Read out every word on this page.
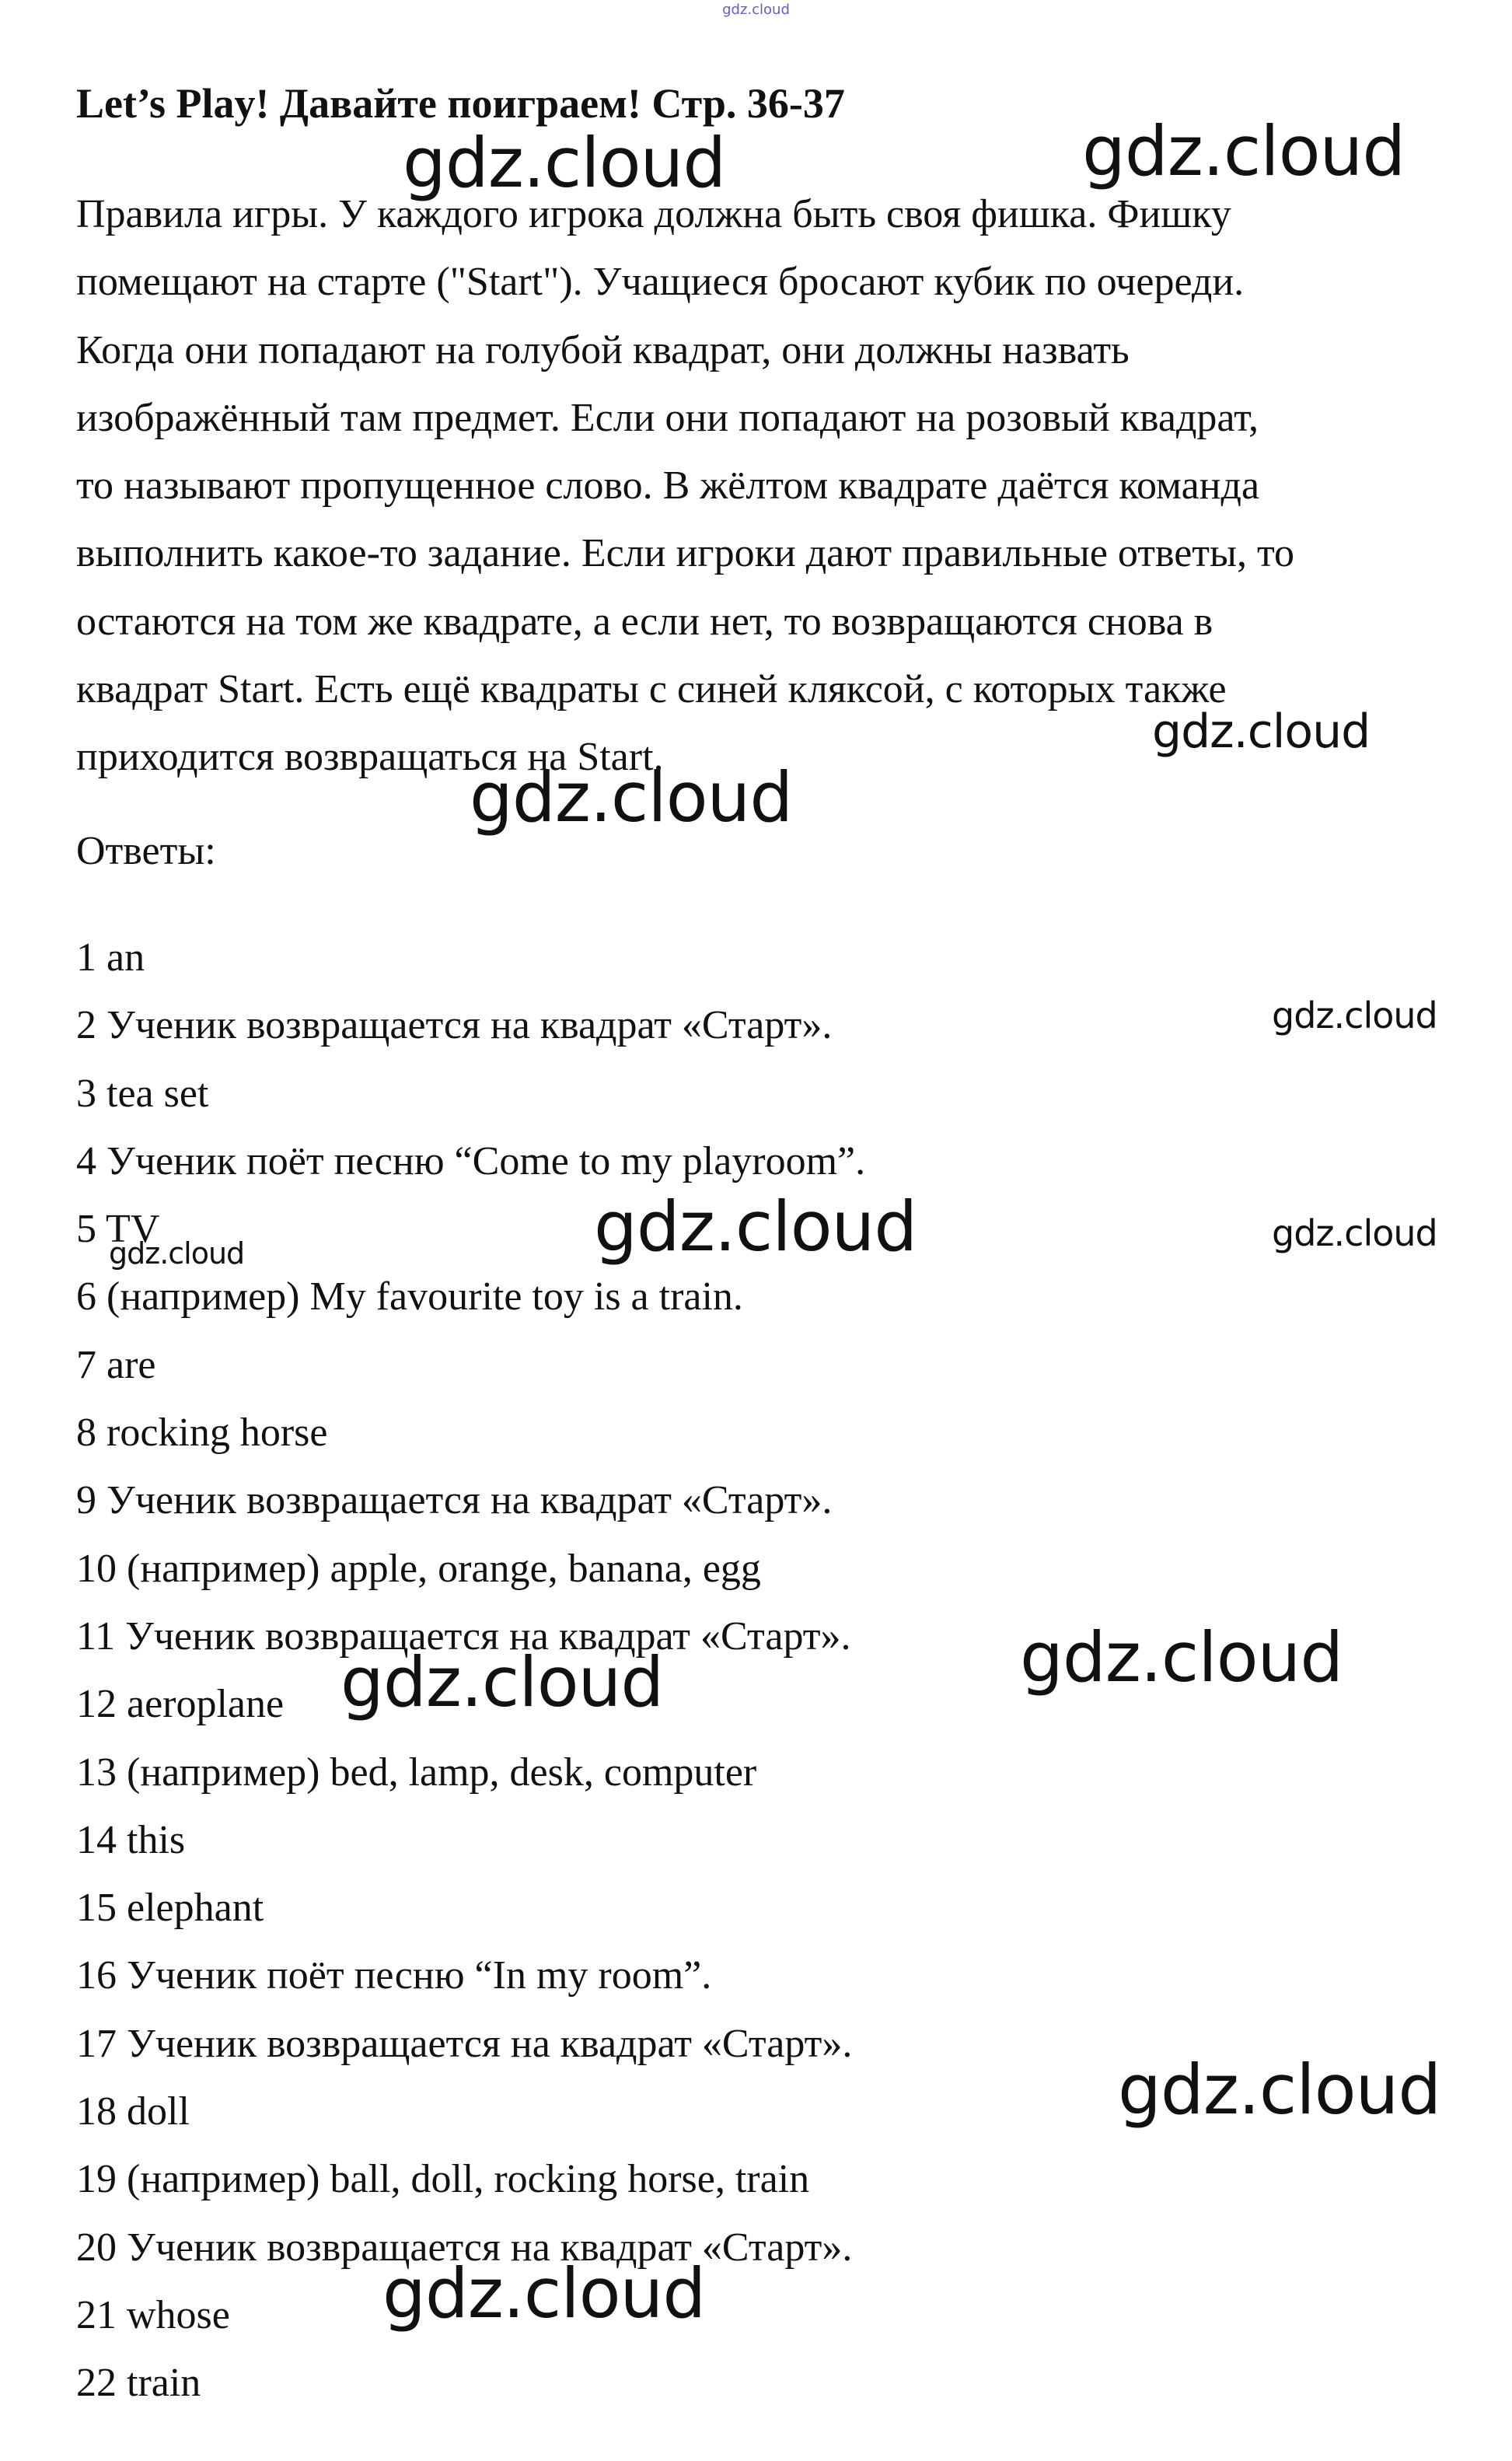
gdz.cloud
Let’s Play! Давайте поиграем! Стр. 36-37
Правила игры. У каждого игрока должна быть своя фишка. Фишку
помещают на старте ("Start"). Учащиеся бросают кубик по очереди.
Когда они попадают на голубой квадрат, они должны назвать
изображённый там предмет. Если они попадают на розовый квадрат,
то называют пропущенное слово. В жёлтом квадрате даётся команда
выполнить какое-то задание. Если игроки дают правильные ответы, то
остаются на том же квадрате, а если нет, то возвращаются снова в
квадрат Start. Есть ещё квадраты с синей кляксой, с которых также
приходится возвращаться на Start.
Ответы:
1 an
2 Ученик возвращается на квадрат «Старт».
3 tea set
4 Ученик поёт песню “Come to my playroom”.
5 TV
6 (например) My favourite toy is a train.
7 are
8 rocking horse
9 Ученик возвращается на квадрат «Старт».
10 (например) apple, orange, banana, egg
11 Ученик возвращается на квадрат «Старт».
12 aeroplane
13 (например) bed, lamp, desk, computer
14 this
15 elephant
16 Ученик поёт песню “In my room”.
17 Ученик возвращается на квадрат «Старт».
18 doll
19 (например) ball, doll, rocking horse, train
20 Ученик возвращается на квадрат «Старт».
21 whose
22 train
gdz.cloud	gdz.cloud
gdz.cloud
gdz.cloud
gdz.cloud
gdz.cloud	gdz.cloud
gdz.cloud
gdz.cloud
gdz.cloud
gdz.cloud
gdz.cloud
